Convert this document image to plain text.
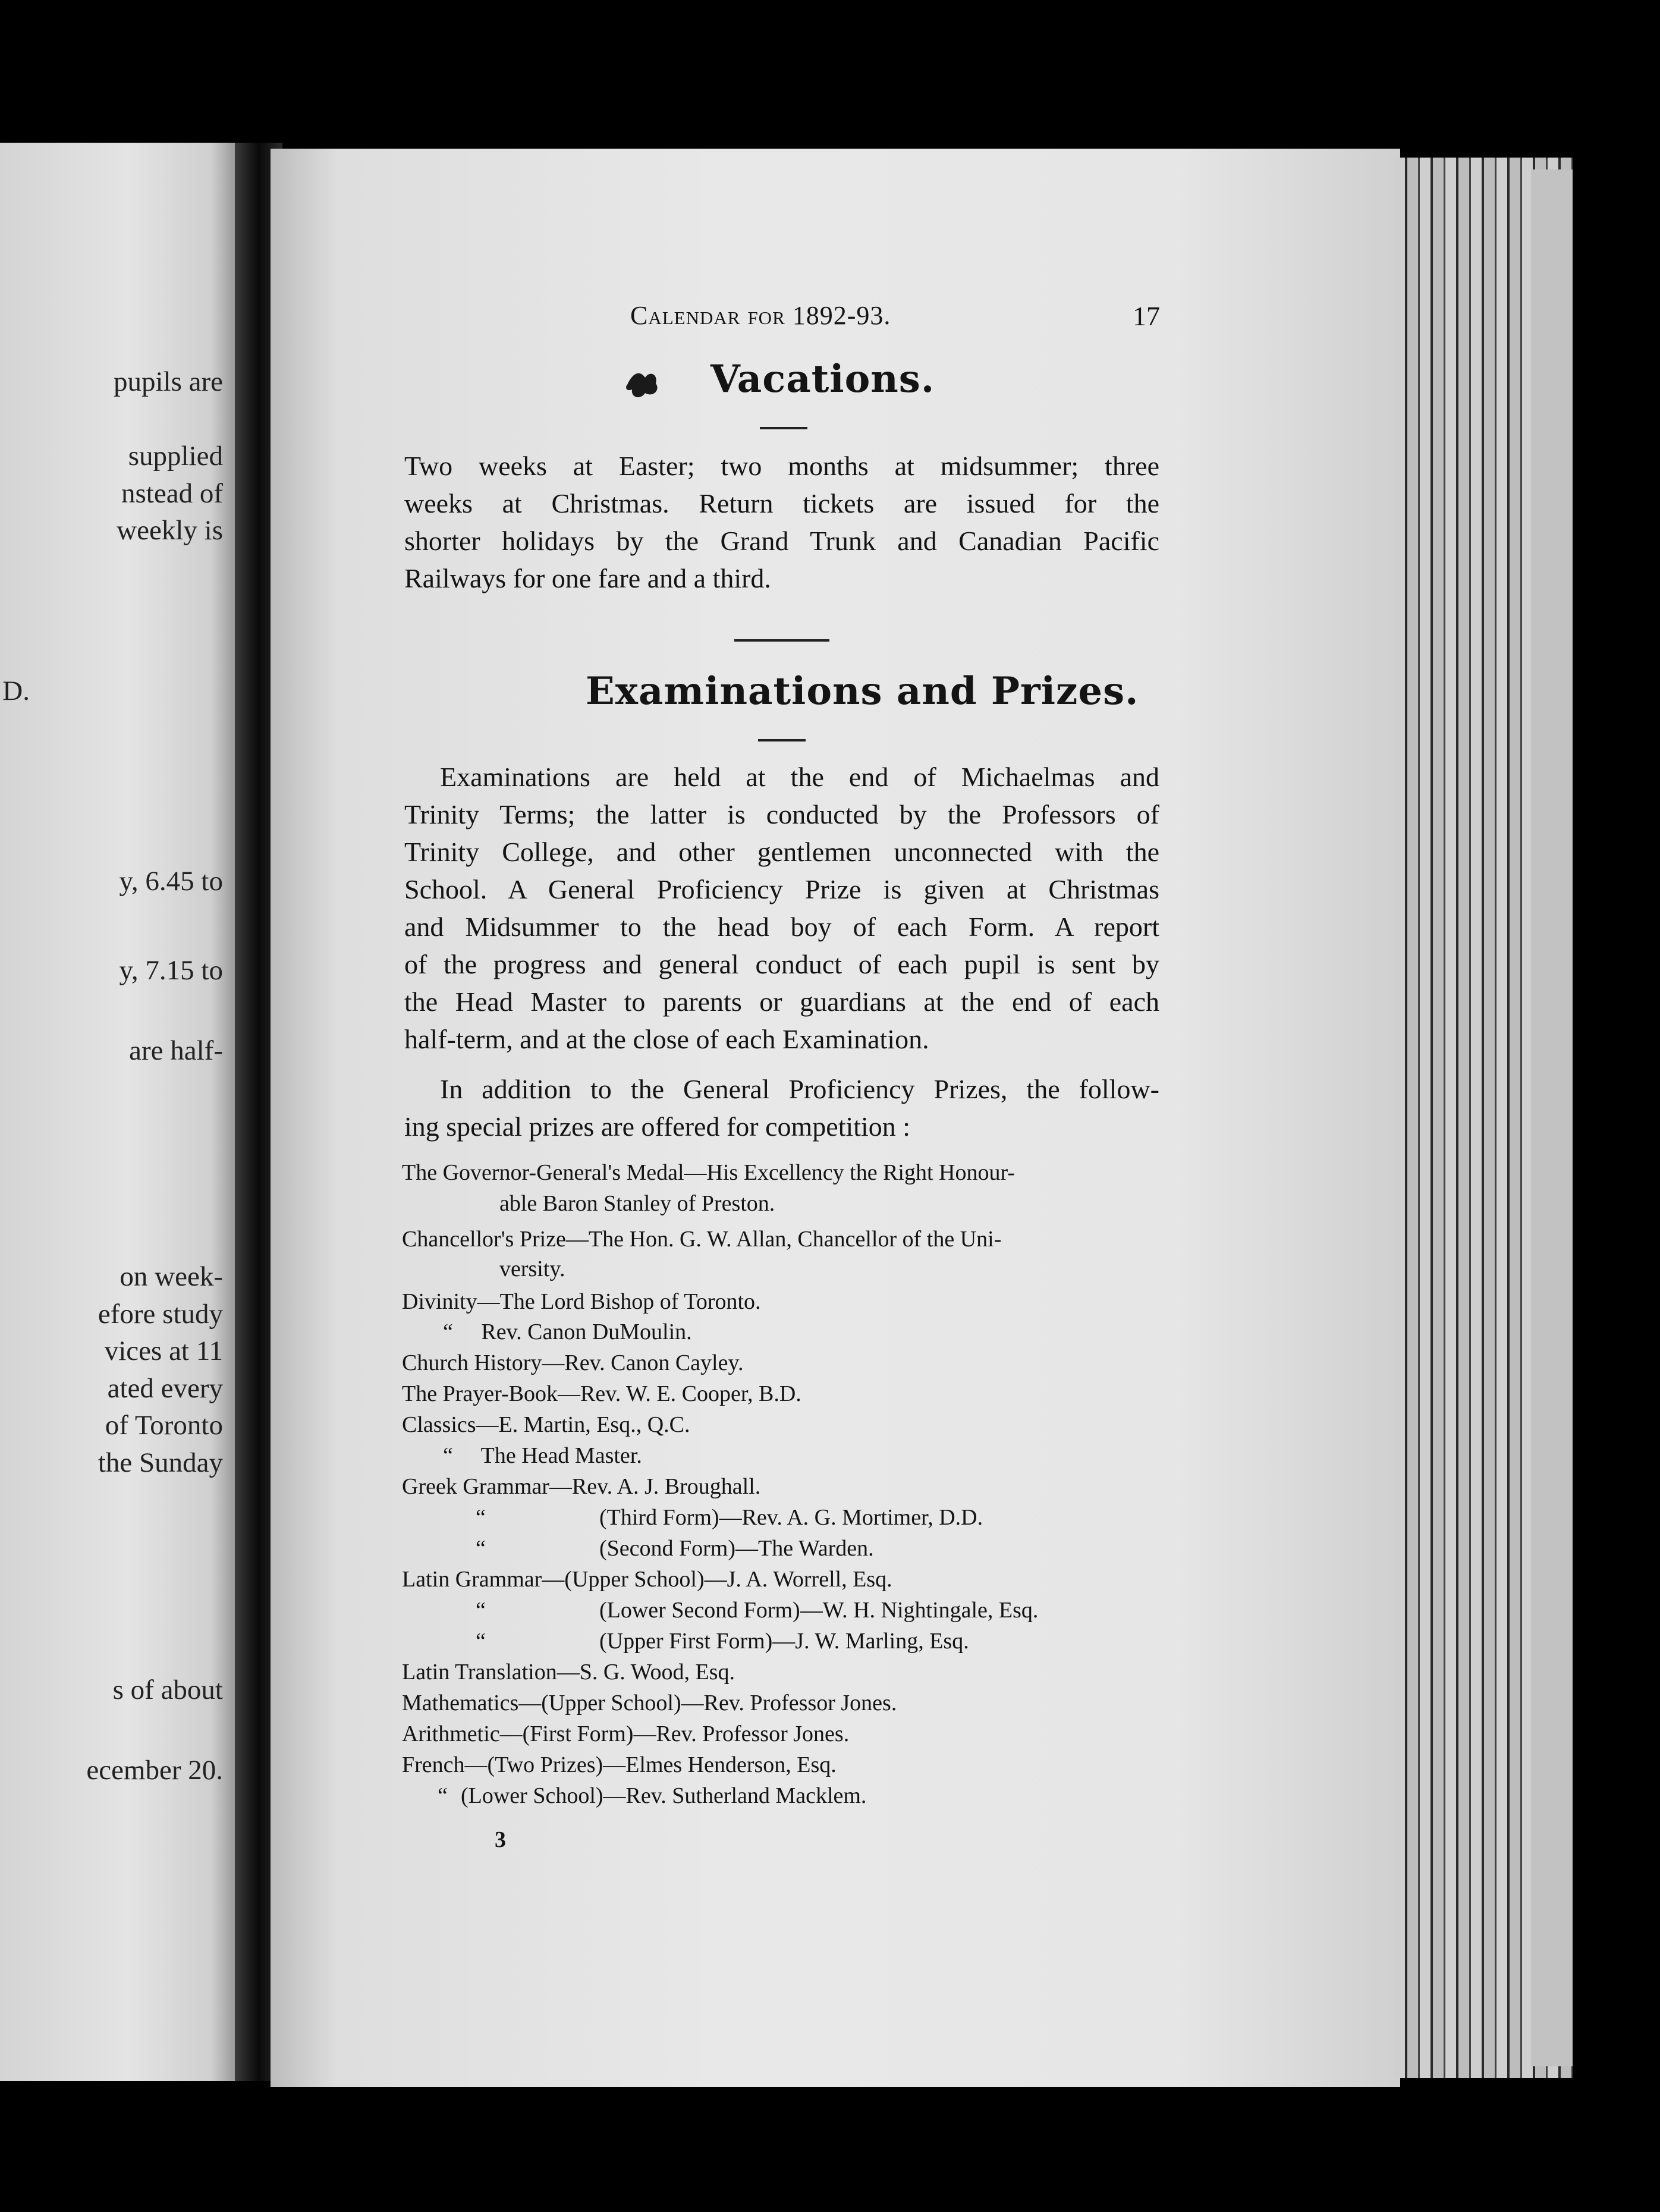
pupils are
supplied
nstead of
weekly is
D.
y, 6.45 to
y, 7.15 to
are half-
on week-
efore study
vices at 11
ated every
of Toronto
the Sunday
s of about
ecember 20.
Calendar for 1892-93.	17
Vacations.
Two weeks at Easter; two months at midsummer; three
weeks at Christmas. Return tickets are issued for the
shorter holidays by the Grand Trunk and Canadian Pacific
Railways for one fare and a third.
Examinations and Prizes.
Examinations are held at the end of Michaelmas and
Trinity Terms; the latter is conducted by the Professors of
Trinity College, and other gentlemen unconnected with the
School. A General Proficiency Prize is given at Christmas
and Midsummer to the head boy of each Form. A report
of the progress and general conduct of each pupil is sent by
the Head Master to parents or guardians at the end of each
half-term, and at the close of each Examination.
In addition to the General Proficiency Prizes, the follow-
ing special prizes are offered for competition :
The Governor-General's Medal—His Excellency the Right Honour-
able Baron Stanley of Preston.
Chancellor's Prize—The Hon. G. W. Allan, Chancellor of the Uni-
versity.
Divinity—The Lord Bishop of Toronto.
“     Rev. Canon DuMoulin.
Church History—Rev. Canon Cayley.
The Prayer-Book—Rev. W. E. Cooper, B.D.
Classics—E. Martin, Esq., Q.C.
“     The Head Master.
Greek Grammar—Rev. A. J. Broughall.
“	(Third Form)—Rev. A. G. Mortimer, D.D.
“	(Second Form)—The Warden.
Latin Grammar—(Upper School)—J. A. Worrell, Esq.
“	(Lower Second Form)—W. H. Nightingale, Esq.
“	(Upper First Form)—J. W. Marling, Esq.
Latin Translation—S. G. Wood, Esq.
Mathematics—(Upper School)—Rev. Professor Jones.
Arithmetic—(First Form)—Rev. Professor Jones.
French—(Two Prizes)—Elmes Henderson, Esq.
“ (Lower School)—Rev. Sutherland Macklem.
3
